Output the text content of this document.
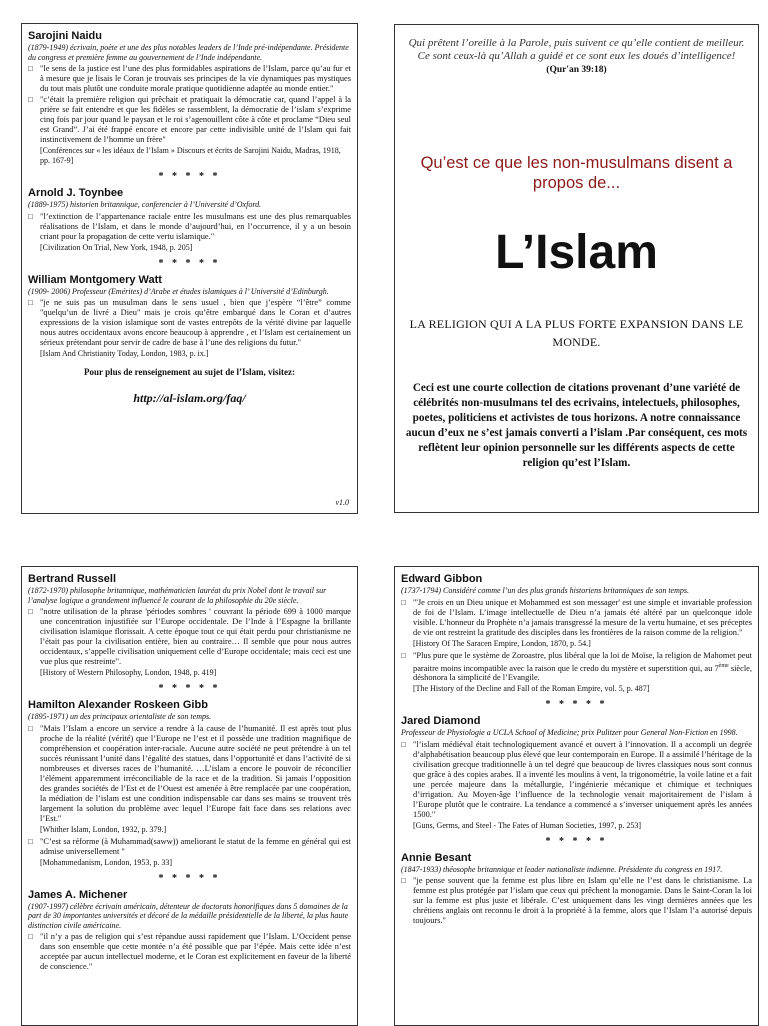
Sarojini Naidu

(1879-1949) écrivain, poète et une des plus notables leaders de l’Inde pré-indépendante. Présidente du congress et première femme au gouvernement de l’Inde indépendante.

□ "le sens de la justice est l’une des plus formidables aspirations de l’Islam, parce qu’au fur et à mesure que je lisais le Coran je trouvais ses principes de la vie dynamiques pas mystiques du tout mais plutôt une conduite morale pratique quotidienne adaptée au monde entier."
□ "c’était la première religion qui prêchait et pratiquait la démocratie car, quand l’appel à la prière se fait entendre et que les fidèles se rassemblent, la démocratie de l’islam s’exprime cinq fois par jour quand le paysan et le roi s’agenouillent côte à côte et proclame “Dieu seul est Grand”. J’ai été frappé encore et encore par cette indivisible unité de l’Islam qui fait instinctivement de l’homme un frère"

[Conférences sur « les idéaux de l’Islam » Discours et écrits de Sarojini Naidu, Madras, 1918, pp. 167-9]

* * * * *

Arnold J. Toynbee

(1889-1975) historien britannique, conferencier à l’Université d’Oxford.

□ "l’extinction de l’appartenance raciale entre les musulmans est une des plus remarquables réalisations de l’Islam, et dans le monde d’aujourd’hui, en l’occurrence, il y a un besoin criant pour la propagation de cette vertu islamique."

[Civilization On Trial, New York, 1948, p. 205]

* * * * *

William Montgomery Watt

(1909- 2006) Professeur (Emérites) d’Arabe et études islamiques à l’ Université d’Edinburgh.

□ "je ne suis pas un musulman dans le sens usuel , bien que j’espère “l’être” comme "quelqu’un de livré a Dieu" mais je crois qu’être embarqué dans le Coran et d’autres expressions de la vision islamique sont de vastes entrepôts de la vérité divine par laquelle nous autres occidentaux avons encore beaucoup à apprendre , et l’Islam est certainement un sérieux prétendant pour servir de cadre de base à l’une des religions du futur."

[Islam And Christianity Today, London, 1983, p. ix.]

Pour plus de renseignement au sujet de l’Islam, visitez:
http://al-islam.org/faq/
v1.0

Qui prêtent l’oreille à la Parole, puis suivent ce qu’elle contient de meilleur. Ce sont ceux-là qu’Allah a guidé et ce sont eux les doués d’intelligence!

(Qur'an 39:18)

Qu’est ce que les non-musulmans disent a propos de...
L’Islam
LA RELIGION QUI A LA PLUS FORTE EXPANSION DANS LE MONDE.
Ceci est une courte collection de citations provenant d’une variété de célébrités non-musulmans tel des ecrivains, intelectuels, philosophes, poetes, politiciens et activistes de tous horizons. A notre connaissance aucun d’eux ne s’est jamais converti a l’islam .Par conséquent, ces mots reflètent leur opinion personnelle sur les différents aspects de cette religion qu’est l’Islam.

Bertrand Russell

(1872-1970) philosophe britannique, mathématicien lauréat du prix Nobel dont le travail sur l’analyse logique a grandement influencé le courant de la philosophie du 20e siècle.

□ "notre utilisation de la phrase 'périodes sombres ' couvrant la période 699 à 1000 marque une concentration injustifiée sur l’Europe occidentale. De l’Inde à l’Espagne la brillante civilisation islamique florissait. A cette époque tout ce qui était perdu pour christianisme ne l’était pas pour la civilisation entière, bien au contraire… Il semble que pour nous autres occidentaux, s’appelle civilisation uniquement celle d’Europe occidentale; mais ceci est une vue plus que restreinte".

[History of Western Philosophy, London, 1948, p. 419]

* * * * *

Hamilton Alexander Roskeen Gibb

(1895-1971) un des principaux orientaliste de son temps.

□ "Mais l’Islam a encore un service a rendre à la cause de l’humanité. Il est après tout plus proche de la réalité (vérité) que l’Europe ne l’est et il possède une tradition magnifique de compréhension et coopération inter-raciale. Aucune autre société ne peut prétendre à un tel succès réunissant l’unité dans l’égalité des statues, dans l’opportunité et dans l’activité de si nombreuses et diverses races de l’humanité. …L’islam a encore le pouvoir de réconcilier l’élément apparemment irréconciliable de la race et de la tradition. Si jamais l’opposition des grandes sociétés de l’Est et de l’Ouest est amenée à être remplacée par une coopération, la médiation de l’islam est une condition indispensable car dans ses mains se trouvent très largement la solution du problème avec lequel l’Europe fait face dans ses relations avec l’Est."

[Whither Islam, London, 1932, p. 379.]

□ "C’est sa réforme (à Muhammad(saww)) ameliorant le statut de la femme en général qui est admise universellement "

[Mohammedanism, London, 1953, p. 33]

* * * * *

James A. Michener

(1907-1997) célèbre écrivain américain, détenteur de doctorats honorifiques dans 5 domaines de la part de 30 importantes universités et décoré de la médaille présidentielle de la liberté, la plus haute distinction civile américaine.

□ "il n’y a pas de religion qui s’est répandue aussi rapidement que l’Islam. L’Occident pense dans son ensemble que cette montée n’a été possible que par l’épée. Mais cette idée n’est acceptée par aucun intellectuel moderne, et le Coran est explicitement en faveur de la liberté de conscience."

Edward Gibbon

(1737-1794) Considéré comme l’un des plus grands historiens britanniques de son temps.

□ "'Je crois en un Dieu unique et Mohammed est son messager' est une simple et invariable profession de foi de l’Islam. L’image intellectuelle de Dieu n’a jamais été altéré par un quelconque idole visible. L’honneur du Prophète n’a jamais transgressé la mesure de la vertu humaine, et ses préceptes de vie ont restreint la gratitude des disciples dans les frontières de la raison comme de la religion."

[History Of The Saracen Empire, London, 1870, p. 54.]

□ "Plus pure que le système de Zoroastre, plus libéral que la loi de Moïse, la religion de Mahomet peut paraitre moins incompatible avec la raison que le credo du mystère et superstition qui, au 7ème siècle, déshonora la simplicité de l’Evangile.

[The History of the Decline and Fall of the Roman Empire, vol. 5, p. 487]

* * * * *

Jared Diamond

Professeur de Physiologie a UCLA School of Medicine; prix Pulitzer pour General Non-Fiction en 1998.

□ "l’islam médiéval était technologiquement avancé et ouvert à l’innovation. Il a accompli un degrée d’alphabétisation beaucoup plus élevé que leur contemporain en Europe. Il a assimilé l’héritage de la civilisation grecque traditionnelle à un tel degré que beaucoup de livres classiques nous sont connus que grâce à des copies arabes. Il a inventé les moulins à vent, la trigonométrie, la voile latine et a fait une percée majeure dans la métallurgie, l’ingénierie mécanique et chimique et techniques d’irrigation. Au Moyen-âge l’influence de la technologie venait majoritairement de l’islam à l’Europe plutôt que le contraire. La tendance a commencé a s’inverser uniquement après les années 1500."

[Guns, Germs, and Steel - The Fates of Human Societies, 1997, p. 253]

* * * * *

Annie Besant

(1847-1933) théosophe britannique et leader nationaliste indienne. Présidente du congress en 1917.

□ "je pense souvent que la femme est plus libre en Islam qu’elle ne l’est dans le christianisme. La femme est plus protégée par l’islam que ceux qui prêchent la monogamie. Dans le Saint-Coran la loi sur la femme est plus juste et libérale. C’est uniquement dans les vingt dernières années que les chrétiens anglais ont reconnu le droit à la propriété à la femme, alors que l’Islam l’a autorisé depuis toujours."
